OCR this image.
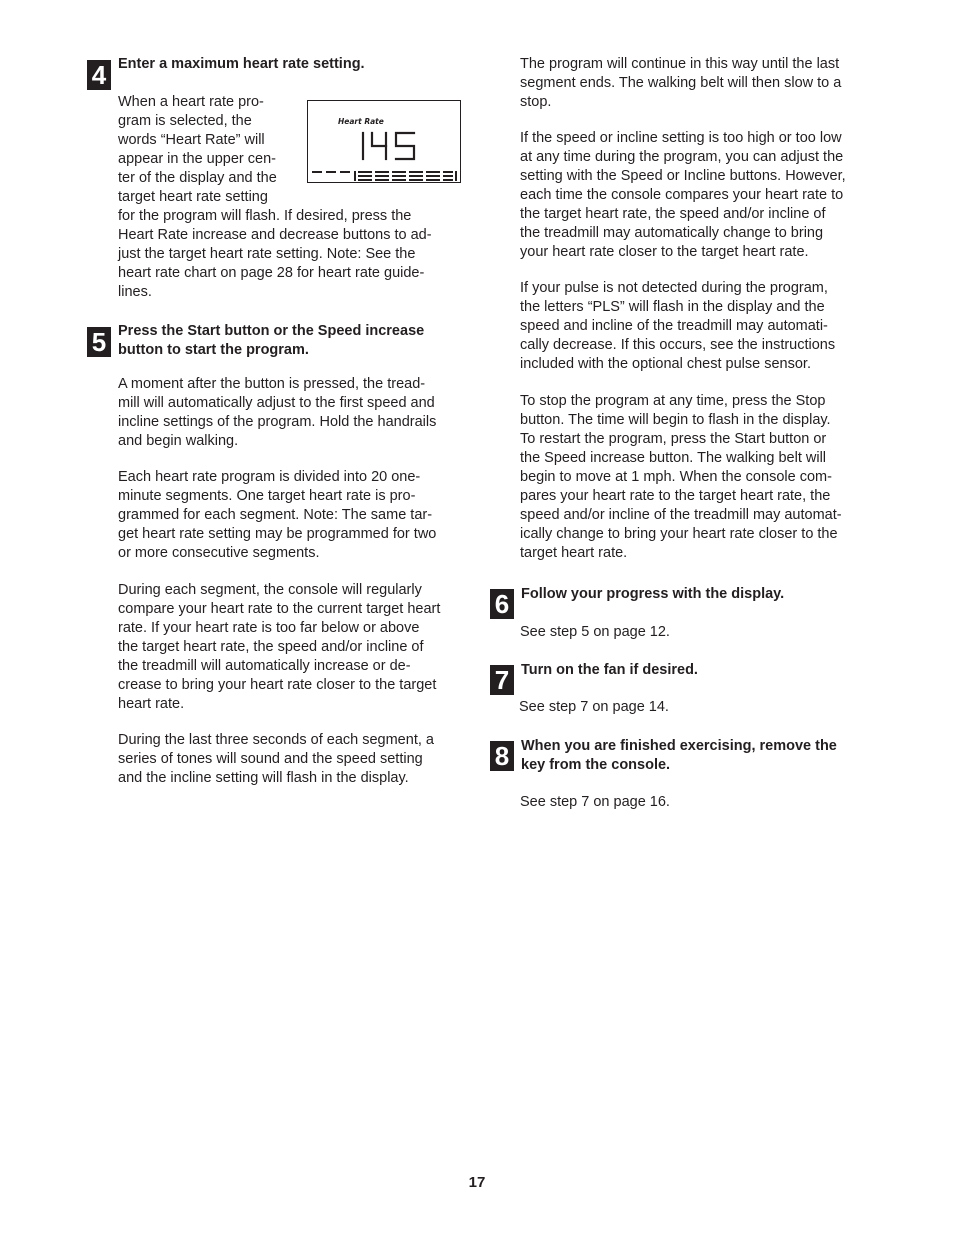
4 Enter a maximum heart rate setting.
When a heart rate pro-
gram is selected, the
words “Heart Rate” will
appear in the upper cen-
ter of the display and the
target heart rate setting
for the program will flash. If desired, press the
Heart Rate increase and decrease buttons to ad-
just the target heart rate setting. Note: See the
heart rate chart on page 28 for heart rate guide-
lines.
Heart Rate
145
5 Press the Start button or the Speed increase
button to start the program.
A moment after the button is pressed, the tread-
mill will automatically adjust to the first speed and
incline settings of the program. Hold the handrails
and begin walking.
Each heart rate program is divided into 20 one-
minute segments. One target heart rate is pro-
grammed for each segment. Note: The same tar-
get heart rate setting may be programmed for two
or more consecutive segments.
During each segment, the console will regularly
compare your heart rate to the current target heart
rate. If your heart rate is too far below or above
the target heart rate, the speed and/or incline of
the treadmill will automatically increase or de-
crease to bring your heart rate closer to the target
heart rate.
During the last three seconds of each segment, a
series of tones will sound and the speed setting
and the incline setting will flash in the display.
The program will continue in this way until the last
segment ends. The walking belt will then slow to a
stop.
If the speed or incline setting is too high or too low
at any time during the program, you can adjust the
setting with the Speed or Incline buttons. However,
each time the console compares your heart rate to
the target heart rate, the speed and/or incline of
the treadmill may automatically change to bring
your heart rate closer to the target heart rate.
If your pulse is not detected during the program,
the letters “PLS” will flash in the display and the
speed and incline of the treadmill may automati-
cally decrease. If this occurs, see the instructions
included with the optional chest pulse sensor.
To stop the program at any time, press the Stop
button. The time will begin to flash in the display.
To restart the program, press the Start button or
the Speed increase button. The walking belt will
begin to move at 1 mph. When the console com-
pares your heart rate to the target heart rate, the
speed and/or incline of the treadmill may automat-
ically change to bring your heart rate closer to the
target heart rate.
6 Follow your progress with the display.
See step 5 on page 12.
7 Turn on the fan if desired.
See step 7 on page 14.
8 When you are finished exercising, remove the
key from the console.
See step 7 on page 16.
17
